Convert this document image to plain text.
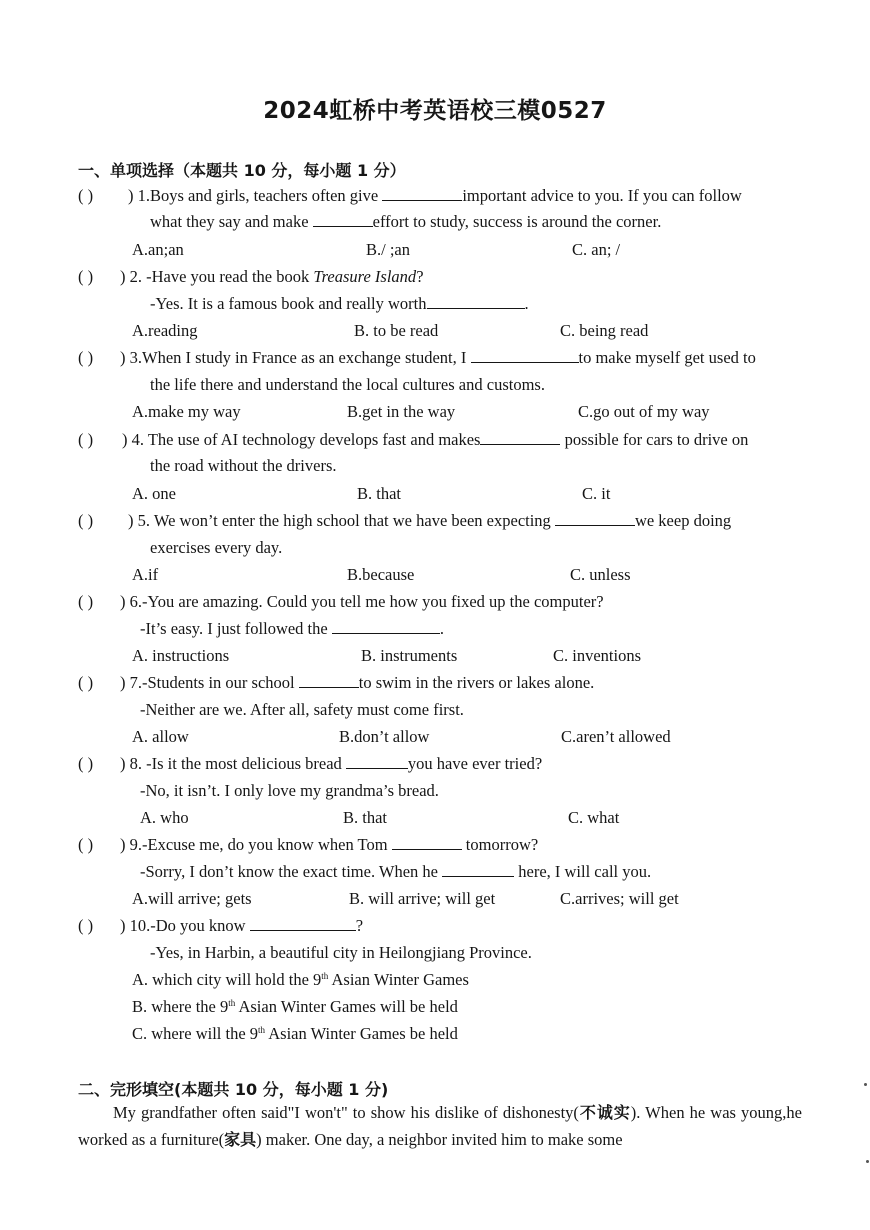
2024虹桥中考英语校三模0527
一、单项选择（本题共 10 分，每小题 1 分）
( ) ) 1.Boys and girls, teachers often give	important advice to you. If you can follow
what they say and make	effort to study, success is around the corner.
A.an;an	B./ ;an	C. an; /
( ) ) 2. -Have you read the book Treasure Island?
-Yes. It is a famous book and really worth	.
A.reading	B. to be read	C. being read
( ) ) 3.When I study in France as an exchange student, I	to make myself get used to
the life there and understand the local cultures and customs.
A.make my way	B.get in the way	C.go out of my way
( ) ) 4. The use of AI technology develops fast and makes	possible for cars to drive on
the road without the drivers.
A. one	B. that	C. it
( ) ) 5. We won’t enter the high school that we have been expecting	we keep doing
exercises every day.
A.if	B.because	C. unless
( ) ) 6.-You are amazing. Could you tell me how you fixed up the computer?
-It’s easy. I just followed the	.
A. instructions	B. instruments	C. inventions
( ) ) 7.-Students in our school	to swim in the rivers or lakes alone.
-Neither are we. After all, safety must come first.
A. allow	B.don’t allow	C.aren’t allowed
( ) ) 8. -Is it the most delicious bread	you have ever tried?
-No, it isn’t. I only love my grandma’s bread.
A. who	B. that	C. what
( ) ) 9.-Excuse me, do you know when Tom	tomorrow?
-Sorry, I don’t know the exact time. When he	here, I will call you.
A.will arrive; gets	B. will arrive; will get	C.arrives; will get
( ) ) 10.-Do you know	?
-Yes, in Harbin, a beautiful city in Heilongjiang Province.
A. which city will hold the 9th Asian Winter Games
B. where the 9th Asian Winter Games will be held
C. where will the 9th Asian Winter Games be held
二、完形填空(本题共 10 分，每小题 1 分)
My grandfather often said"I won't" to show his dislike of dishonesty(不诚实). When he was young,he worked as a furniture(家具) maker. One day, a neighbor invited him to make some
